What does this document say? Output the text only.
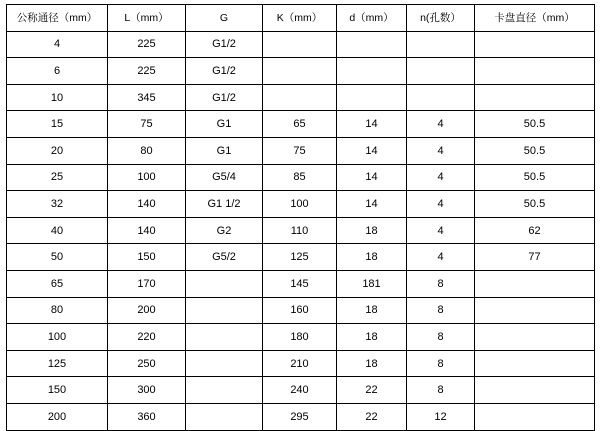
公称通径（mm）	L（mm）	G	K（mm）	d（mm）	n(孔数）	卡盘直径（mm）
4	225	G1/2				
6	225	G1/2				
10	345	G1/2				
15	75	G1	65	14	4	50.5
20	80	G1	75	14	4	50.5
25	100	G5/4	85	14	4	50.5
32	140	G1 1/2	100	14	4	50.5
40	140	G2	110	18	4	62
50	150	G5/2	125	18	4	77
65	170		145	181	8	
80	200		160	18	8	
100	220		180	18	8	
125	250		210	18	8	
150	300		240	22	8	
200	360		295	22	12	
